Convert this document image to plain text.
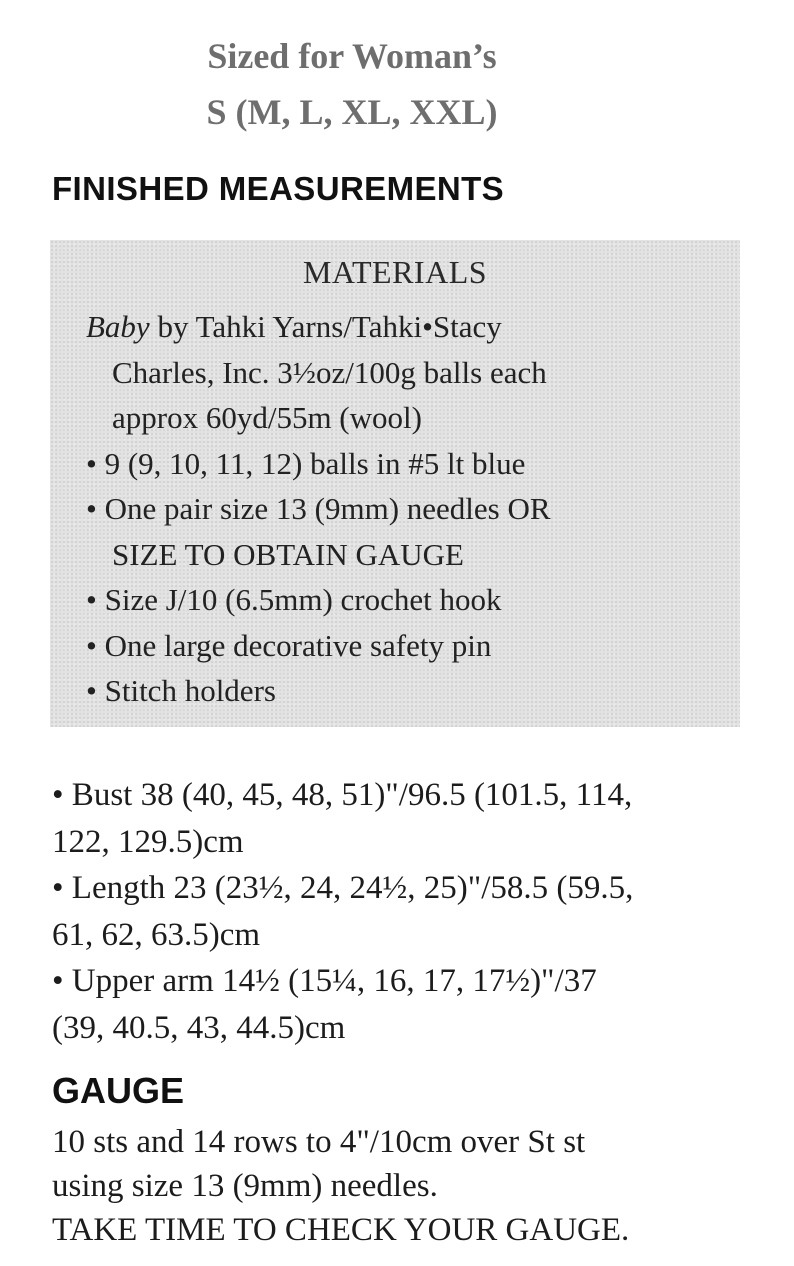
Sized for Woman’s
S (M, L, XL, XXL)
FINISHED MEASUREMENTS
MATERIALS
Baby by Tahki Yarns/Tahki•Stacy
Charles, Inc. 3½oz/100g balls each
approx 60yd/55m (wool)
• 9 (9, 10, 11, 12) balls in #5 lt blue
• One pair size 13 (9mm) needles OR
SIZE TO OBTAIN GAUGE
• Size J/10 (6.5mm) crochet hook
• One large decorative safety pin
• Stitch holders
• Bust 38 (40, 45, 48, 51)"/96.5 (101.5, 114,
122, 129.5)cm
• Length 23 (23½, 24, 24½, 25)"/58.5 (59.5,
61, 62, 63.5)cm
• Upper arm 14½ (15¼, 16, 17, 17½)"/37
(39, 40.5, 43, 44.5)cm
GAUGE
10 sts and 14 rows to 4"/10cm over St st
using size 13 (9mm) needles.
TAKE TIME TO CHECK YOUR GAUGE.
